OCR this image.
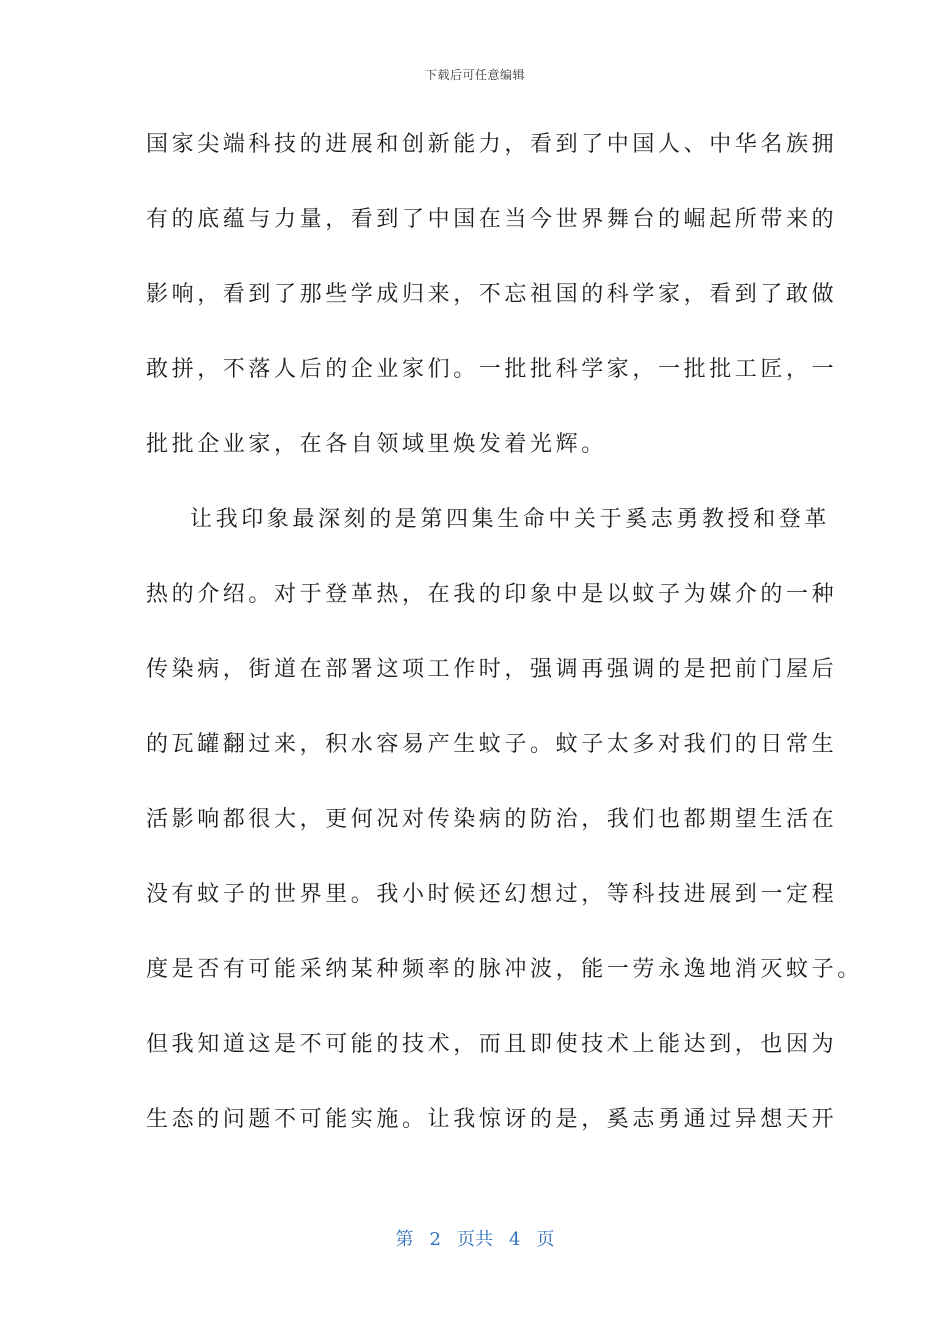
下载后可任意编辑
国家尖端科技的进展和创新能力，看到了中国人、中华名族拥
有的底蕴与力量，看到了中国在当今世界舞台的崛起所带来的
影响，看到了那些学成归来，不忘祖国的科学家，看到了敢做
敢拼，不落人后的企业家们。一批批科学家，一批批工匠，一
批批企业家，在各自领域里焕发着光辉。
让我印象最深刻的是第四集生命中关于奚志勇教授和登革
热的介绍。对于登革热，在我的印象中是以蚊子为媒介的一种
传染病，街道在部署这项工作时，强调再强调的是把前门屋后
的瓦罐翻过来，积水容易产生蚊子。蚊子太多对我们的日常生
活影响都很大，更何况对传染病的防治，我们也都期望生活在
没有蚊子的世界里。我小时候还幻想过，等科技进展到一定程
度是否有可能采纳某种频率的脉冲波，能一劳永逸地消灭蚊子。
但我知道这是不可能的技术，而且即使技术上能达到，也因为
生态的问题不可能实施。让我惊讶的是，奚志勇通过异想天开
第 2 页共 4 页
